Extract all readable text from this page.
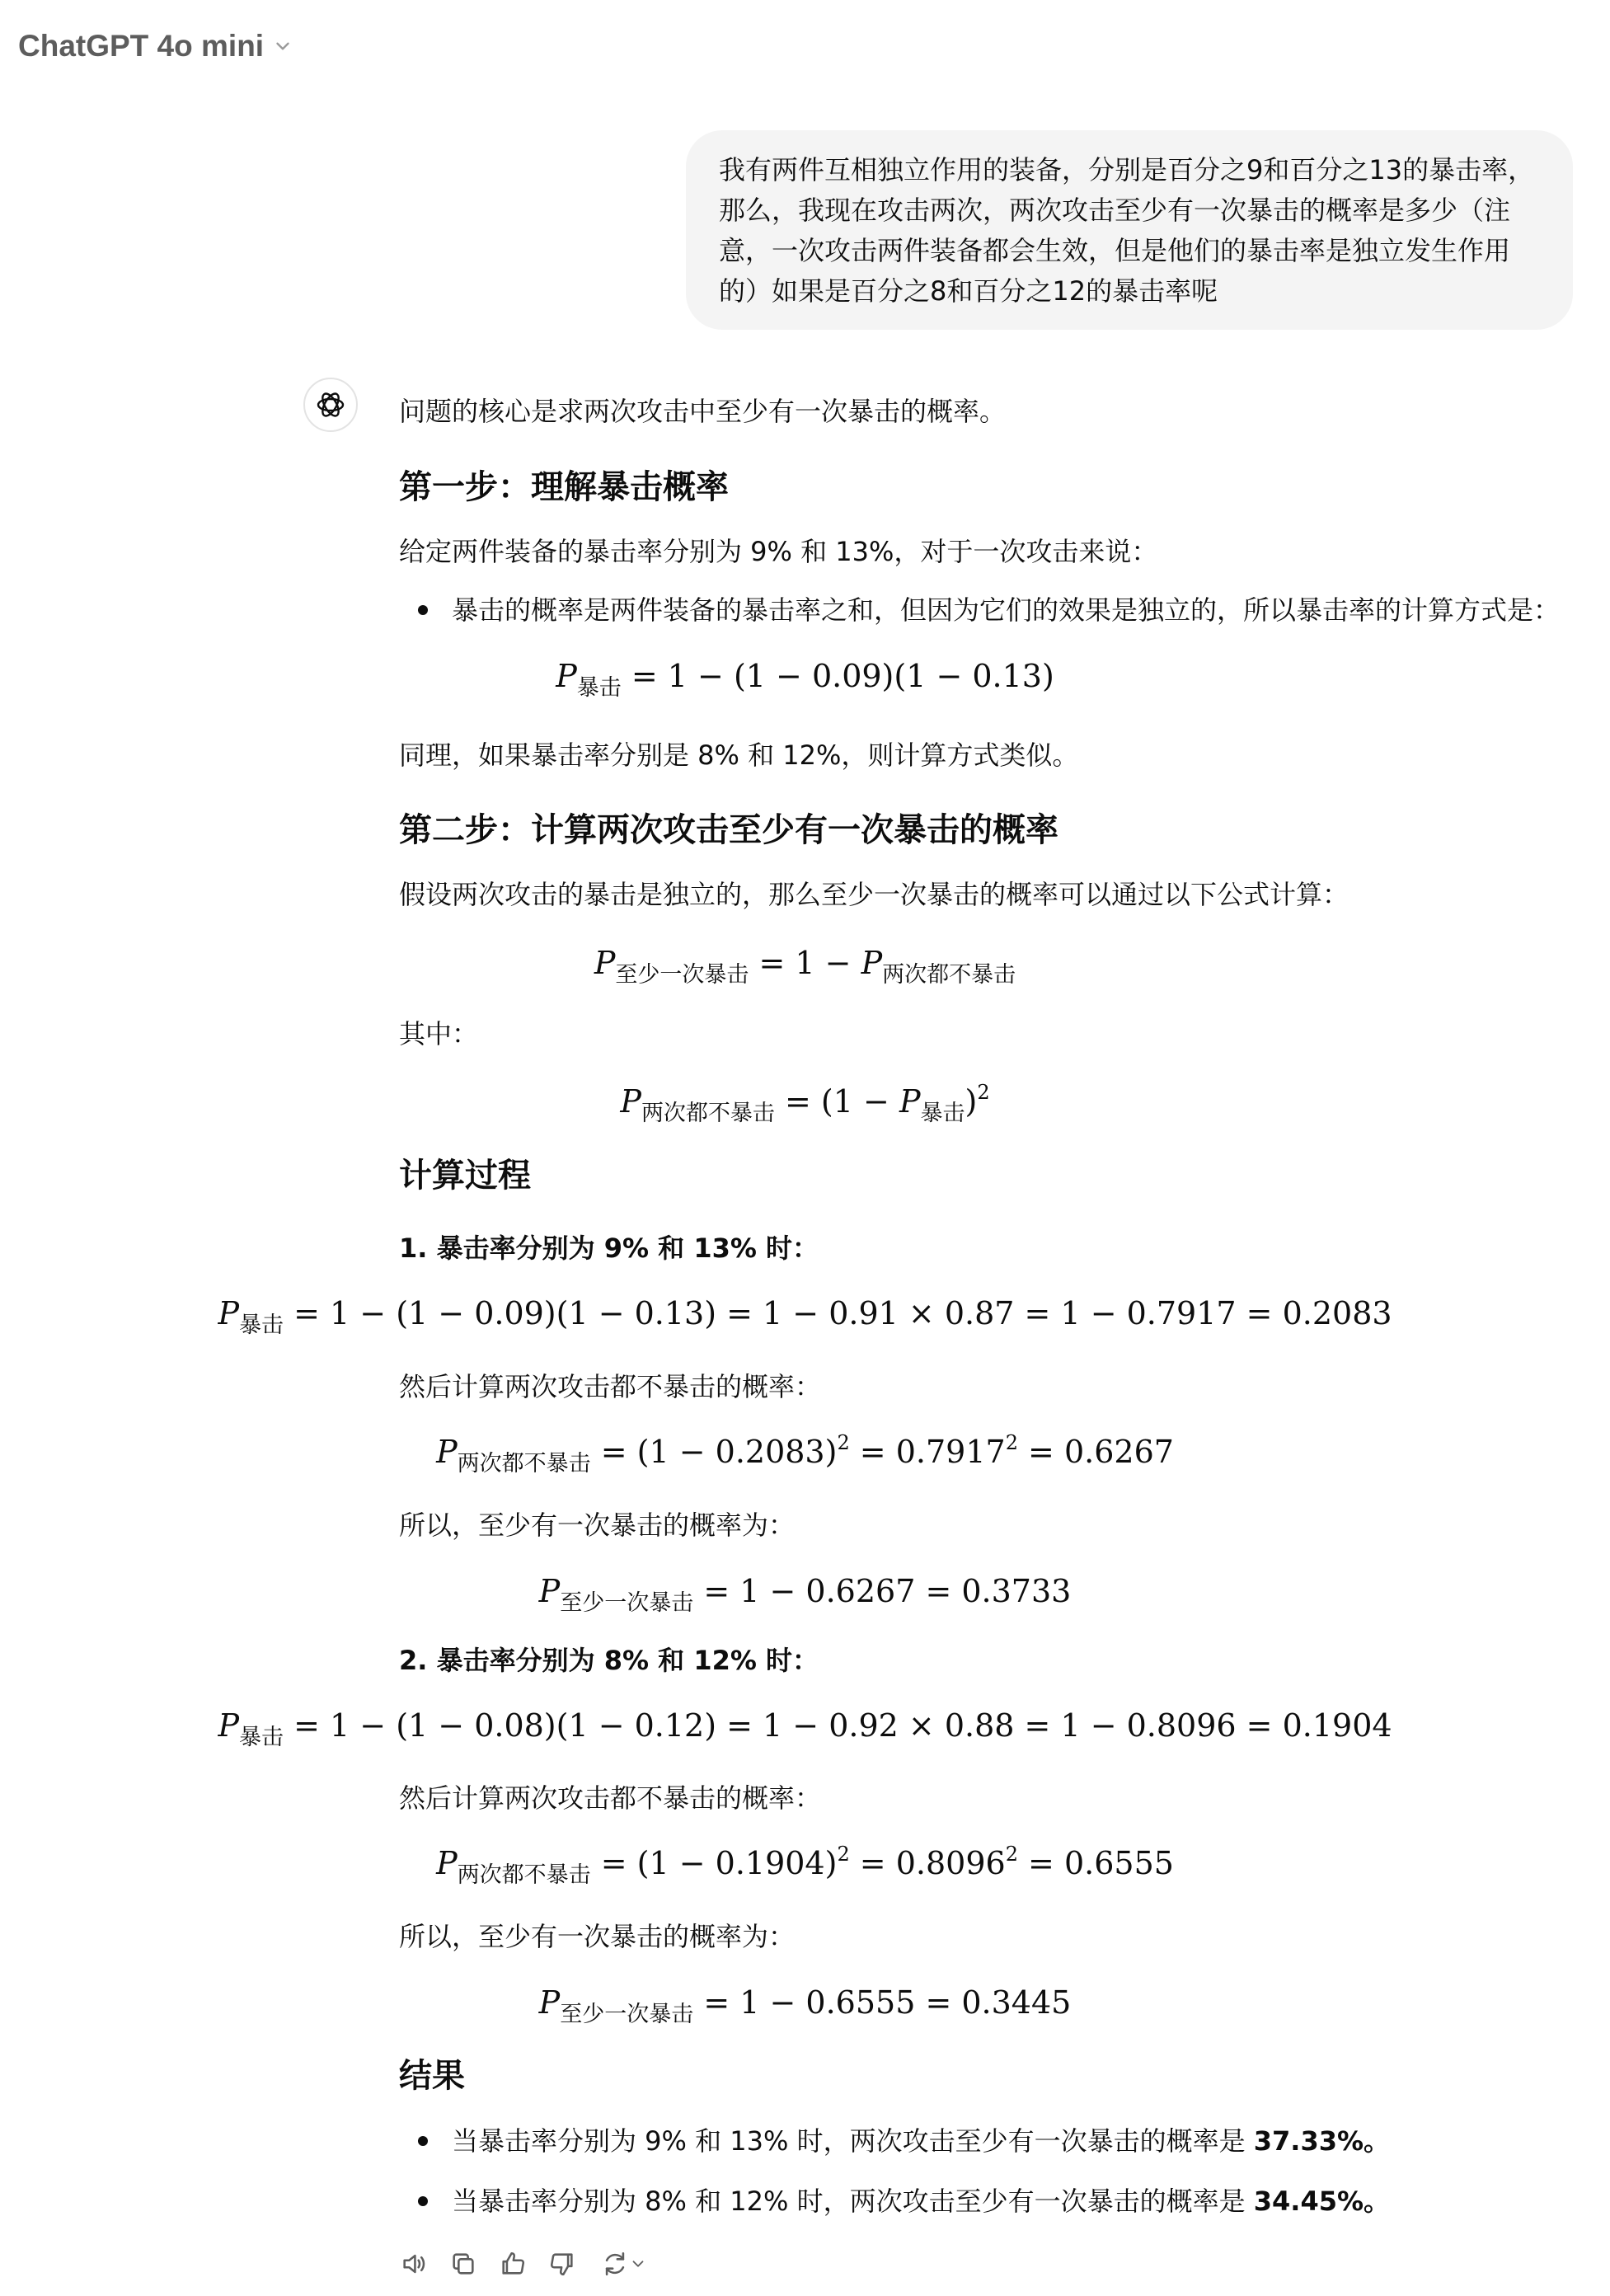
ChatGPT 4o mini
我有两件互相独立作用的装备，分别是百分之9和百分之13的暴击率，
那么，我现在攻击两次，两次攻击至少有一次暴击的概率是多少（注
意，一次攻击两件装备都会生效，但是他们的暴击率是独立发生作用
的）如果是百分之8和百分之12的暴击率呢
问题的核心是求两次攻击中至少有一次暴击的概率。
第一步：理解暴击概率
给定两件装备的暴击率分别为 9% 和 13%，对于一次攻击来说：
暴击的概率是两件装备的暴击率之和，但因为它们的效果是独立的，所以暴击率的计算方式是：
$P_{暴击} = 1 - (1 - 0.09)(1 - 0.13)$
同理，如果暴击率分别是 8% 和 12%，则计算方式类似。
第二步：计算两次攻击至少有一次暴击的概率
假设两次攻击的暴击是独立的，那么至少一次暴击的概率可以通过以下公式计算：
$P_{至少一次暴击} = 1 - P_{两次都不暴击}$
其中：
$P_{两次都不暴击} = (1 - P_{暴击})^2$
计算过程
1. 暴击率分别为 9% 和 13% 时：
$P_{暴击} = 1 - (1 - 0.09)(1 - 0.13) = 1 - 0.91 \times 0.87 = 1 - 0.7917 = 0.2083$
然后计算两次攻击都不暴击的概率：
$P_{两次都不暴击} = (1 - 0.2083)^2 = 0.7917^2 = 0.6267$
所以，至少有一次暴击的概率为：
$P_{至少一次暴击} = 1 - 0.6267 = 0.3733$
2. 暴击率分别为 8% 和 12% 时：
$P_{暴击} = 1 - (1 - 0.08)(1 - 0.12) = 1 - 0.92 \times 0.88 = 1 - 0.8096 = 0.1904$
然后计算两次攻击都不暴击的概率：
$P_{两次都不暴击} = (1 - 0.1904)^2 = 0.8096^2 = 0.6555$
所以，至少有一次暴击的概率为：
$P_{至少一次暴击} = 1 - 0.6555 = 0.3445$
结果
当暴击率分别为 9% 和 13% 时，两次攻击至少有一次暴击的概率是 37.33%。
当暴击率分别为 8% 和 12% 时，两次攻击至少有一次暴击的概率是 34.45%。
